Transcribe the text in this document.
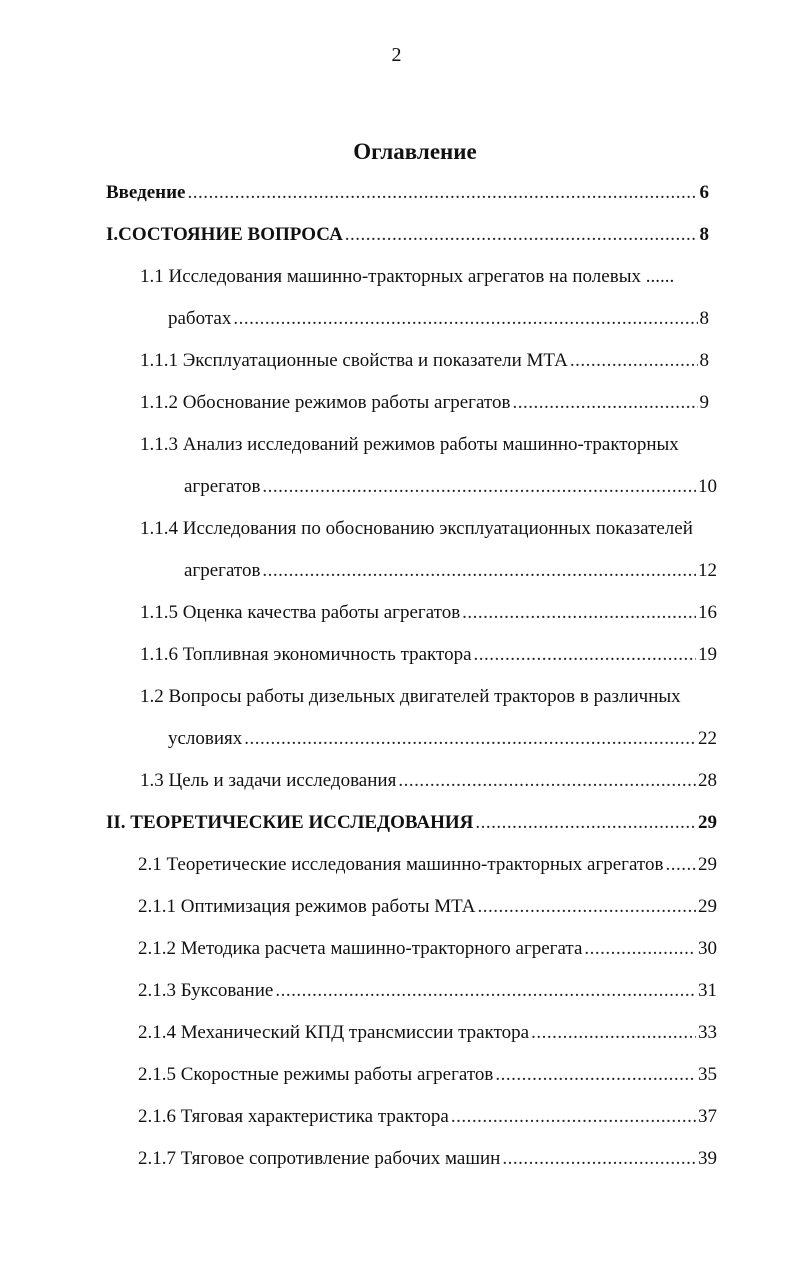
2
Оглавление
Введение .....	6
I.СОСТОЯНИЕ ВОПРОСА .....	8
1.1 Исследования машинно-тракторных агрегатов на полевых ......
работах .....	8
1.1.1 Эксплуатационные свойства и показатели МТА .....	8
1.1.2 Обоснование режимов работы агрегатов .....	9
1.1.3 Анализ исследований режимов работы машинно-тракторных
агрегатов .....	10
1.1.4 Исследования по обоснованию эксплуатационных показателей
агрегатов .....	12
1.1.5 Оценка качества работы агрегатов .....	16
1.1.6 Топливная экономичность трактора .....	19
1.2 Вопросы работы дизельных двигателей тракторов в различных
условиях .....	22
1.3 Цель и задачи исследования .....	28
II. ТЕОРЕТИЧЕСКИЕ ИССЛЕДОВАНИЯ .....	29
2.1 Теоретические исследования машинно-тракторных агрегатов ..... 29
2.1.1 Оптимизация режимов работы МТА .....	29
2.1.2 Методика расчета машинно-тракторного агрегата .....	30
2.1.3 Буксование .....	31
2.1.4 Механический КПД трансмиссии трактора .....	33
2.1.5 Скоростные режимы работы агрегатов .....	35
2.1.6 Тяговая характеристика трактора .....	37
2.1.7 Тяговое сопротивление рабочих машин .....	39
